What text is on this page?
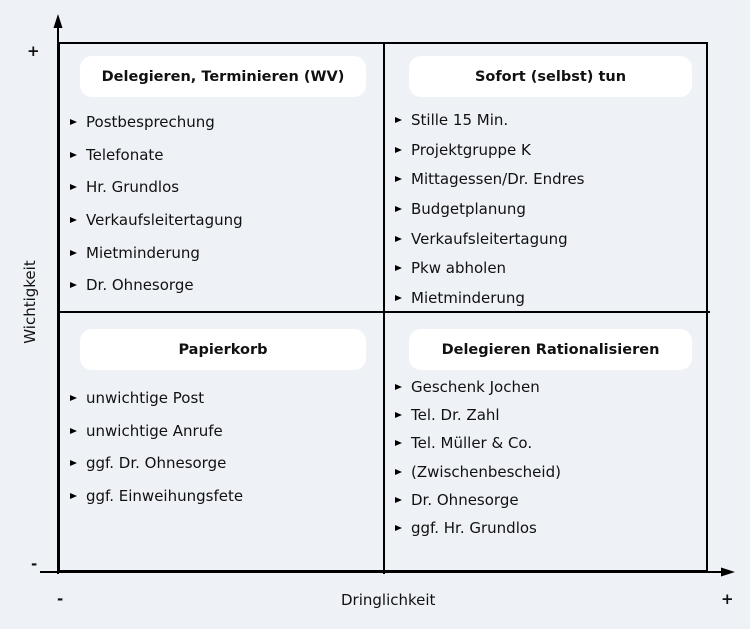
Delegieren, Terminieren (WV)
Postbesprechung
Telefonate
Hr. Grundlos
Verkaufsleitertagung
Mietminderung
Dr. Ohnesorge
Sofort (selbst) tun
Stille 15 Min.
Projektgruppe K
Mittagessen/Dr. Endres
Budgetplanung
Verkaufsleitertagung
Pkw abholen
Mietminderung
Papierkorb
unwichtige Post
unwichtige Anrufe
ggf. Dr. Ohnesorge
ggf. Einweihungsfete
Delegieren Rationalisieren
Geschenk Jochen
Tel. Dr. Zahl
Tel. Müller & Co.
(Zwischenbescheid)
Dr. Ohnesorge
ggf. Hr. Grundlos
Dringlichkeit
Wichtigkeit
+
-
-	+
